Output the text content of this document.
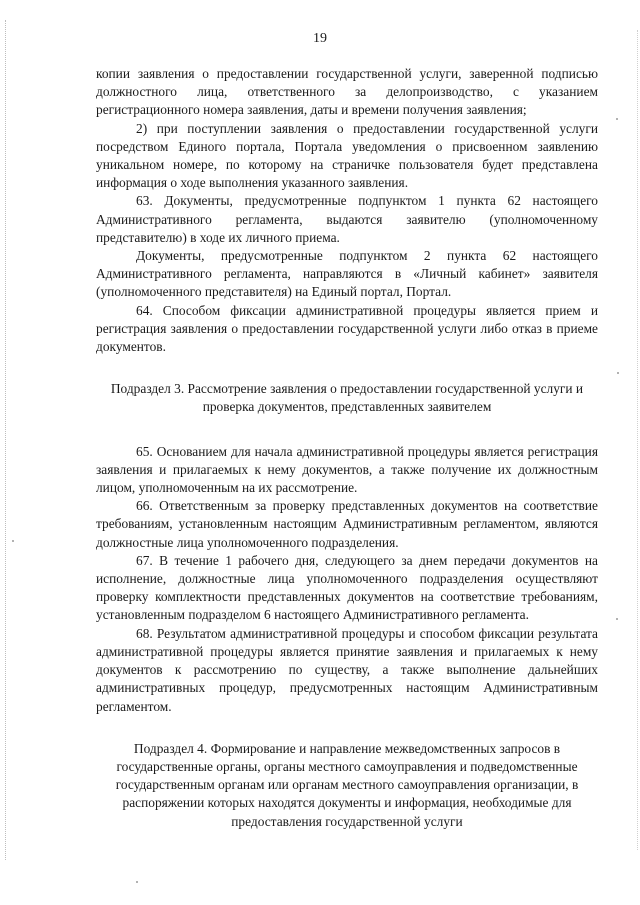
19

копии заявления о предоставлении государственной услуги, заверенной подписью должностного лица, ответственного за делопроизводство, с указанием регистрационного номера заявления, даты и времени получения заявления;

2) при поступлении заявления о предоставлении государственной услуги посредством Единого портала, Портала уведомления о присвоенном заявлению уникальном номере, по которому на страничке пользователя будет представлена информация о ходе выполнения указанного заявления.

63. Документы, предусмотренные подпунктом 1 пункта 62 настоящего Административного регламента, выдаются заявителю (уполномоченному представителю) в ходе их личного приема.

Документы, предусмотренные подпунктом 2 пункта 62 настоящего Административного регламента, направляются в «Личный кабинет» заявителя (уполномоченного представителя) на Единый портал, Портал.

64. Способом фиксации административной процедуры является прием и регистрация заявления о предоставлении государственной услуги либо отказ в приеме документов.

Подраздел 3. Рассмотрение заявления о предоставлении государственной услуги и проверка документов, представленных заявителем

65. Основанием для начала административной процедуры является регистрация заявления и прилагаемых к нему документов, а также получение их должностным лицом, уполномоченным на их рассмотрение.

66. Ответственным за проверку представленных документов на соответствие требованиям, установленным настоящим Административным регламентом, являются должностные лица уполномоченного подразделения.

67. В течение 1 рабочего дня, следующего за днем передачи документов на исполнение, должностные лица уполномоченного подразделения осуществляют проверку комплектности представленных документов на соответствие требованиям, установленным подразделом 6 настоящего Административного регламента.

68. Результатом административной процедуры и способом фиксации результата административной процедуры является принятие заявления и прилагаемых к нему документов к рассмотрению по существу, а также выполнение дальнейших административных процедур, предусмотренных настоящим Административным регламентом.

Подраздел 4. Формирование и направление межведомственных запросов в государственные органы, органы местного самоуправления и подведомственные государственным органам или органам местного самоуправления организации, в распоряжении которых находятся документы и информация, необходимые для предоставления государственной услуги
